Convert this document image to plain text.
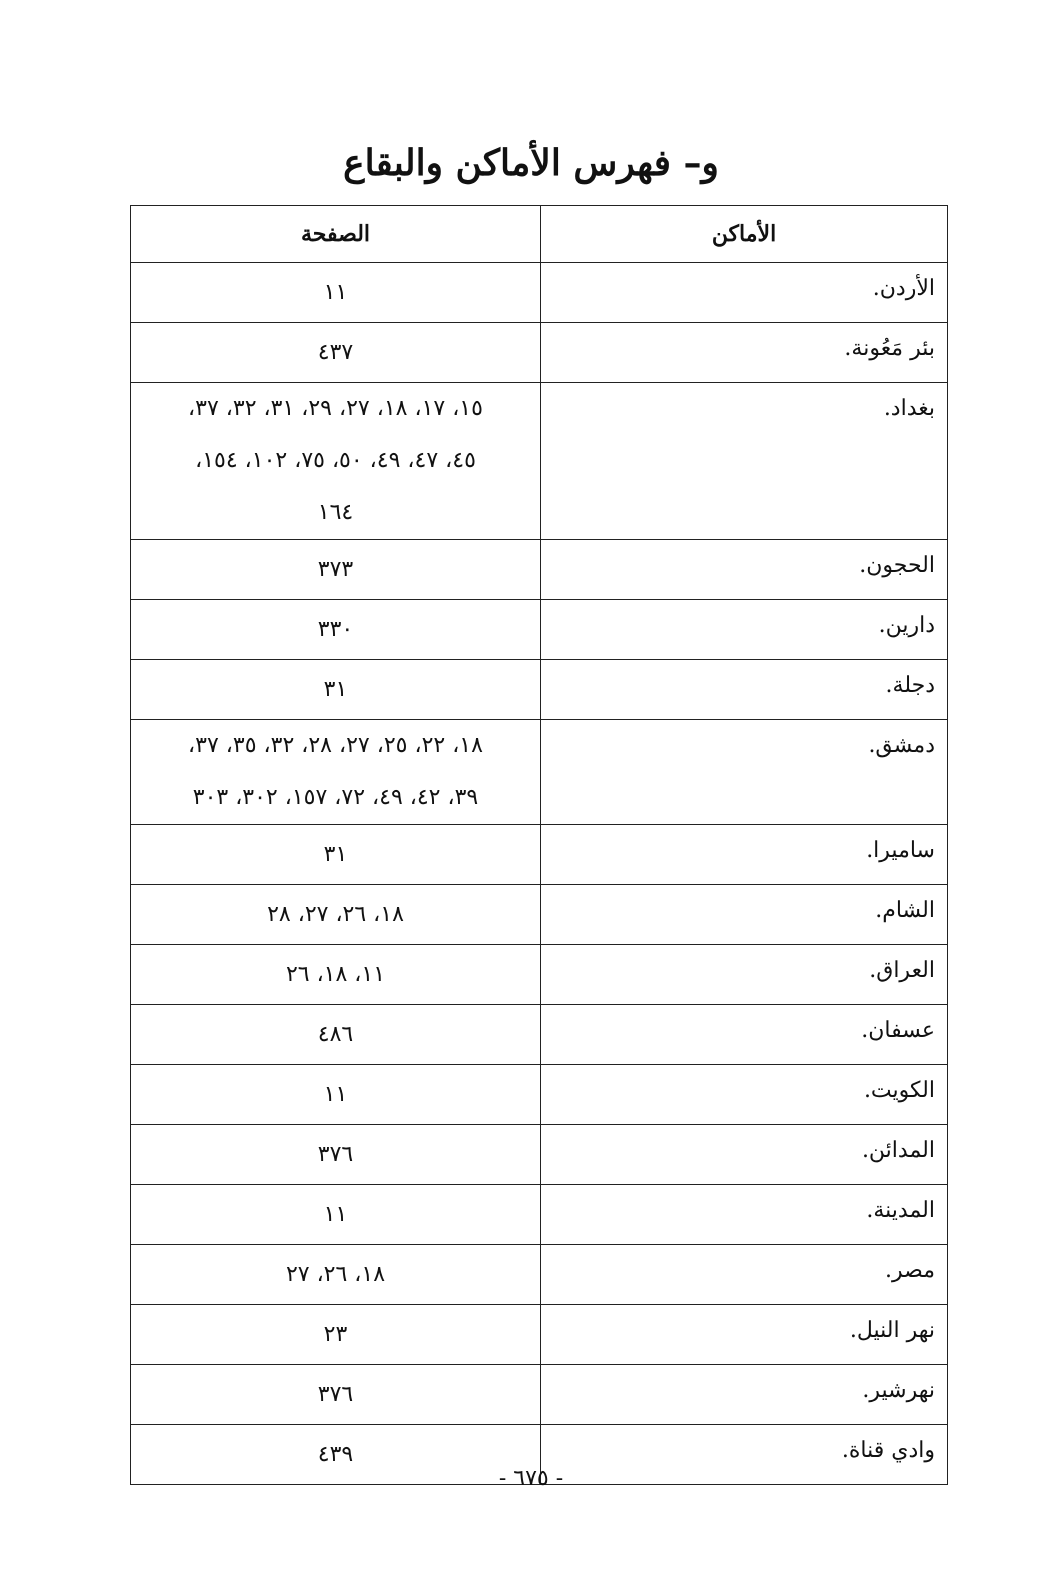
و– فهرس الأماكن والبقاع
الأماكن	الصفحة

الأردن.	١١

بئر مَعُونة.	٤٣٧

بغداد.	١٥، ١٧، ١٨، ٢٧، ٢٩، ٣١، ٣٢، ٣٧،
٤٥، ٤٧، ٤٩، ٥٠، ٧٥، ١٠٢، ١٥٤،
١٦٤

الحجون.	٣٧٣

دارين.	٣٣٠

دجلة.	٣١

دمشق.	١٨، ٢٢، ٢٥، ٢٧، ٢٨، ٣٢، ٣٥، ٣٧،
٣٩، ٤٢، ٤٩، ٧٢، ١٥٧، ٣٠٢، ٣٠٣

ساميرا.	٣١

الشام.	١٨، ٢٦، ٢٧، ٢٨

العراق.	١١، ١٨، ٢٦

عسفان.	٤٨٦

الكويت.	١١

المدائن.	٣٧٦

المدينة.	١١

مصر.	١٨، ٢٦، ٢٧

نهر النيل.	٢٣

نهرشير.	٣٧٦

وادي قناة.	٤٣٩
- ٦٧٥ -
